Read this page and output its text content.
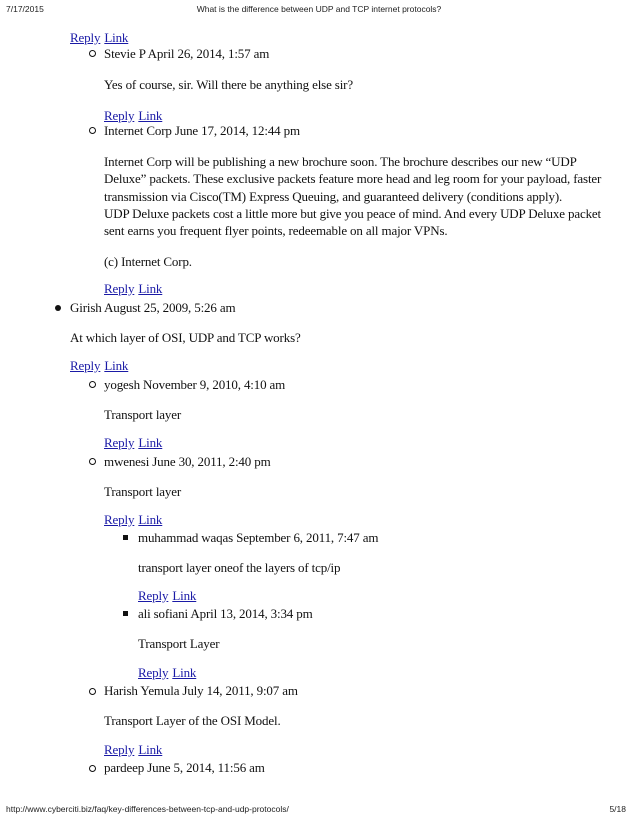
7/17/2015	What is the difference between UDP and TCP internet protocols?
Reply Link
Stevie P April 26, 2014, 1:57 am
Yes of course, sir. Will there be anything else sir?
Reply Link
Internet Corp June 17, 2014, 12:44 pm
Internet Corp will be publishing a new brochure soon. The brochure describes our new “UDP
Deluxe” packets. These exclusive packets feature more head and leg room for your payload, faster
transmission via Cisco(TM) Express Queuing, and guaranteed delivery (conditions apply).
UDP Deluxe packets cost a little more but give you peace of mind. And every UDP Deluxe packet
sent earns you frequent flyer points, redeemable on all major VPNs.
(c) Internet Corp.
Reply Link
Girish August 25, 2009, 5:26 am
At which layer of OSI, UDP and TCP works?
Reply Link
yogesh November 9, 2010, 4:10 am
Transport layer
Reply Link
mwenesi June 30, 2011, 2:40 pm
Transport layer
Reply Link
muhammad waqas September 6, 2011, 7:47 am
transport layer oneof the layers of tcp/ip
Reply Link
ali sofiani April 13, 2014, 3:34 pm
Transport Layer
Reply Link
Harish Yemula July 14, 2011, 9:07 am
Transport Layer of the OSI Model.
Reply Link
pardeep June 5, 2014, 11:56 am
http://www.cyberciti.biz/faq/key-differences-between-tcp-and-udp-protocols/	5/18
